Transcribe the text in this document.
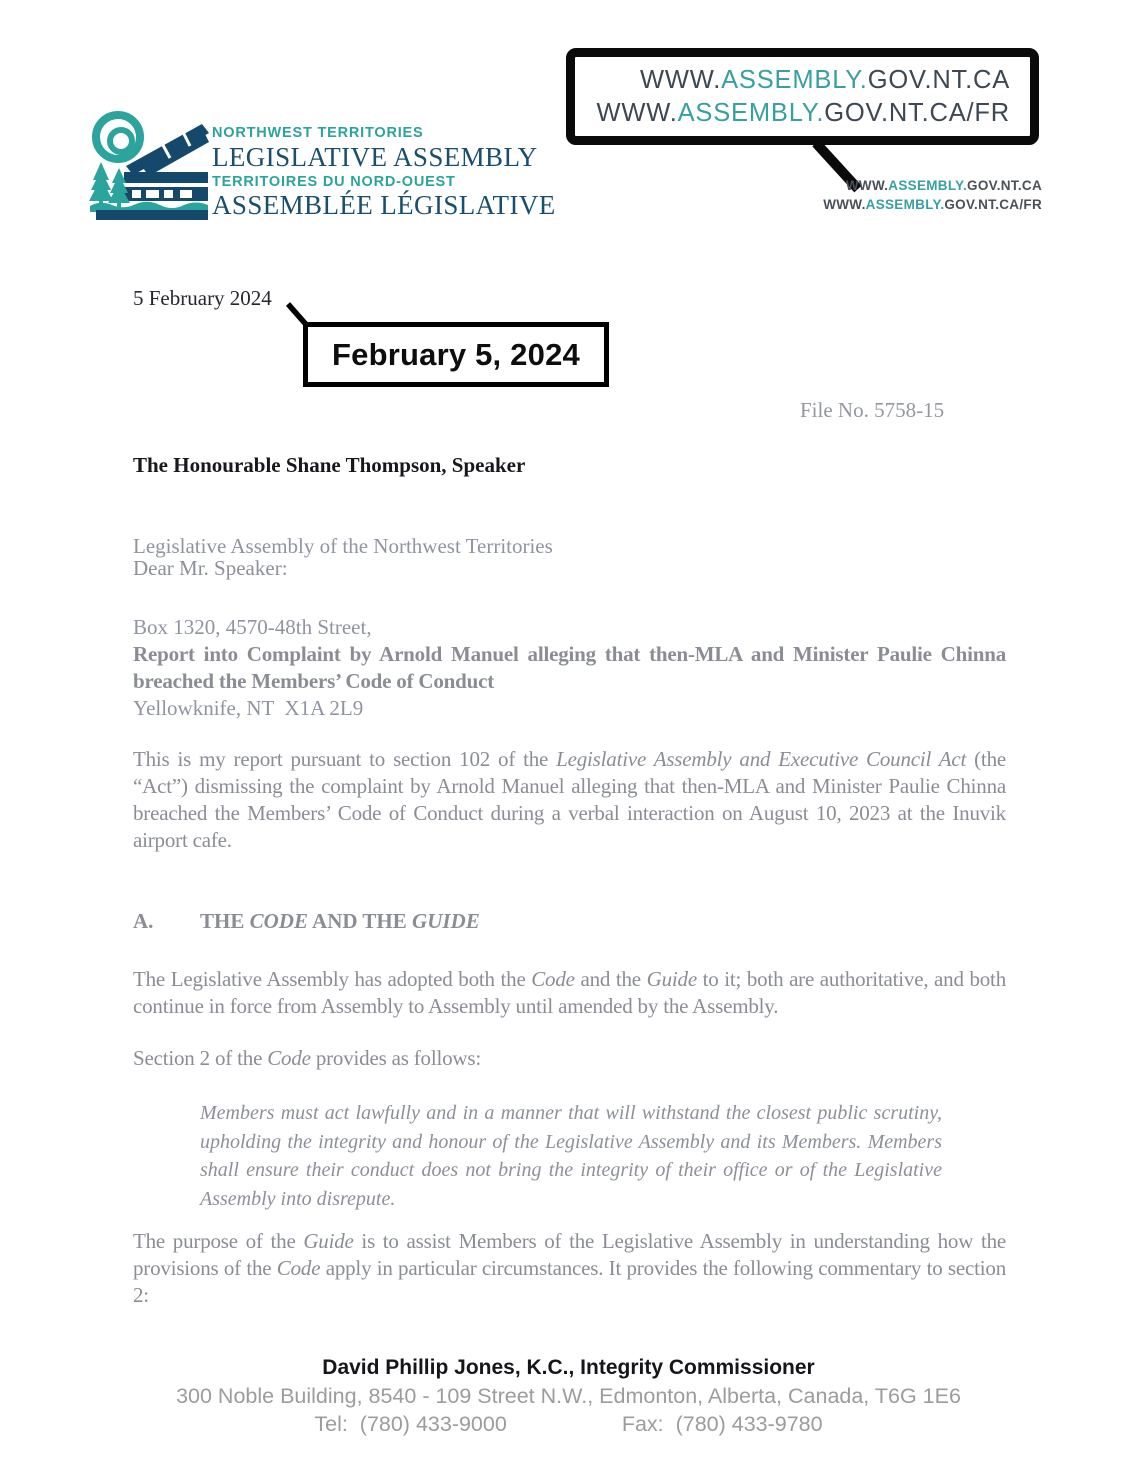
NORTHWEST TERRITORIES
LEGISLATIVE ASSEMBLY
TERRITOIRES DU NORD-OUEST
ASSEMBLÉE LÉGISLATIVE
WWW.ASSEMBLY.GOV.NT.CA
WWW.ASSEMBLY.GOV.NT.CA/FR
WWW.ASSEMBLY.GOV.NT.CA
WWW.ASSEMBLY.GOV.NT.CA/FR
5 February 2024
February 5, 2024

The Honourable Shane Thompson, Speaker

Legislative Assembly of the Northwest Territories

Box 1320, 4570-48th Street,

Yellowknife, NT  X1A 2L9

File No. 5758-15
Dear Mr. Speaker:
Report into Complaint by Arnold Manuel alleging that then-MLA and Minister Paulie Chinna breached the Members’ Code of Conduct
This is my report pursuant to section 102 of the Legislative Assembly and Executive Council Act (the “Act”) dismissing the complaint by Arnold Manuel alleging that then-MLA and Minister Paulie Chinna breached the Members’ Code of Conduct during a verbal interaction on August 10, 2023 at the Inuvik airport cafe.
A. THE CODE AND THE GUIDE
The Legislative Assembly has adopted both the Code and the Guide to it; both are authoritative, and both continue in force from Assembly to Assembly until amended by the Assembly.
Section 2 of the Code provides as follows:
Members must act lawfully and in a manner that will withstand the closest public scrutiny, upholding the integrity and honour of the Legislative Assembly and its Members. Members shall ensure their conduct does not bring the integrity of their office or of the Legislative Assembly into disrepute.
The purpose of the Guide is to assist Members of the Legislative Assembly in understanding how the provisions of the Code apply in particular circumstances. It provides the following commentary to section 2:
David Phillip Jones, K.C., Integrity Commissioner
300 Noble Building, 8540 - 109 Street N.W., Edmonton, Alberta, Canada, T6G 1E6
Tel:  (780) 433-9000	Fax:  (780) 433-9780
